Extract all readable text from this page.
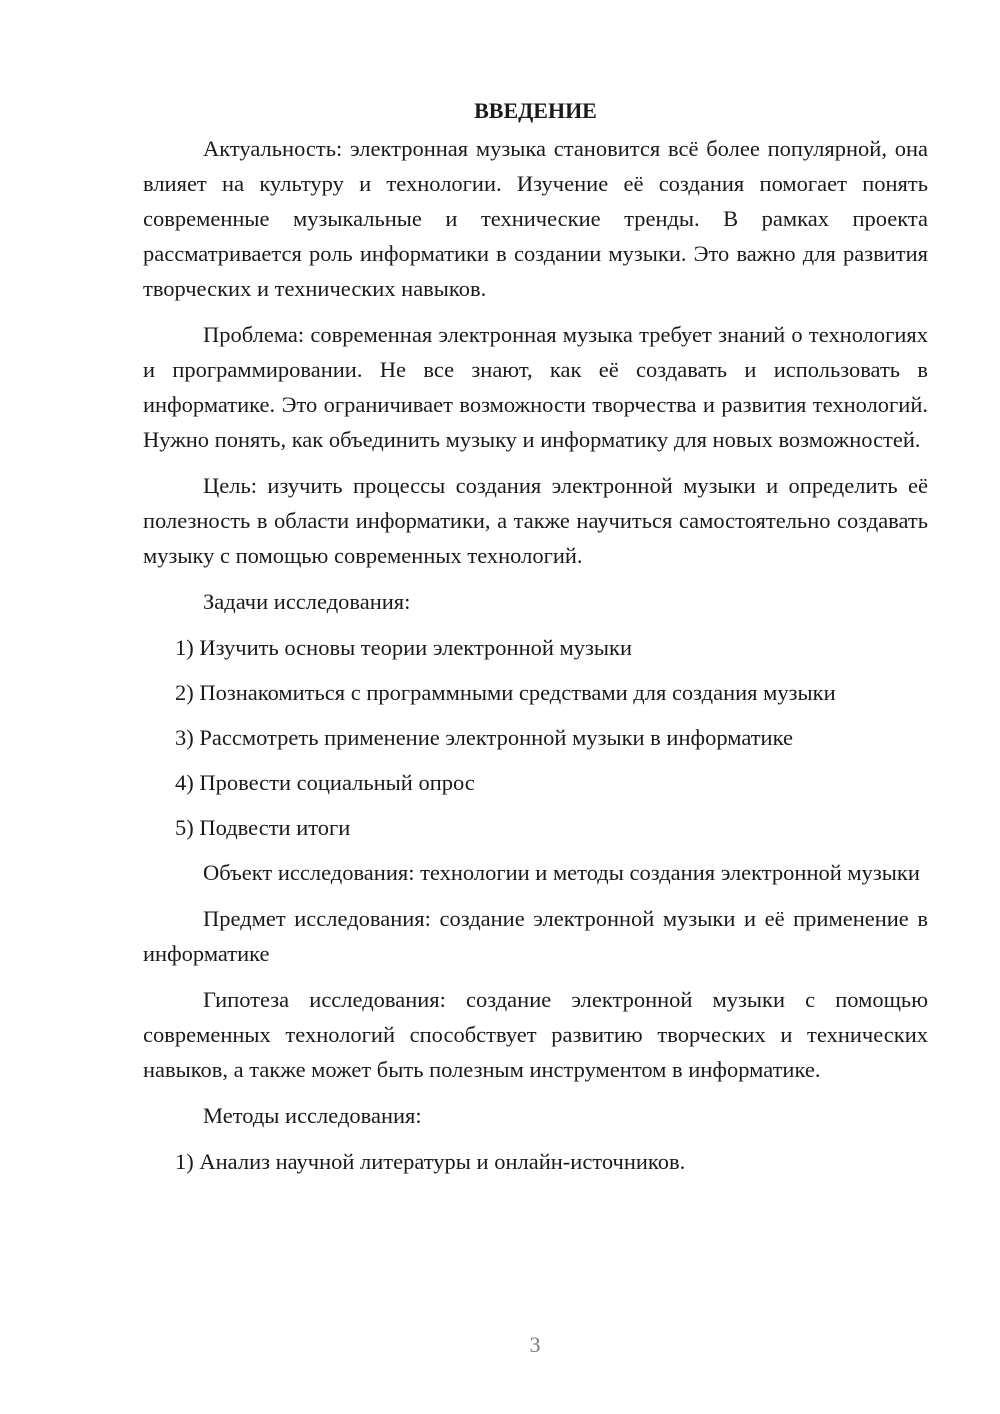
ВВЕДЕНИЕ

Актуальность: электронная музыка становится всё более популярной, она влияет на культуру и технологии. Изучение её создания помогает понять современные музыкальные и технические тренды. В рамках проекта рассматривается роль информатики в создании музыки. Это важно для развития творческих и технических навыков.

Проблема: современная электронная музыка требует знаний о технологиях и программировании. Не все знают, как её создавать и использовать в информатике. Это ограничивает возможности творчества и развития технологий. Нужно понять, как объединить музыку и информатику для новых возможностей.

Цель: изучить процессы создания электронной музыки и определить её полезность в области информатики, а также научиться самостоятельно создавать музыку с помощью современных технологий.

Задачи исследования:

1) Изучить основы теории электронной музыки

2) Познакомиться с программными средствами для создания музыки

3) Рассмотреть применение электронной музыки в информатике

4) Провести социальный опрос

5) Подвести итоги

Объект исследования: технологии и методы создания электронной музыки

Предмет исследования: создание электронной музыки и её применение в информатике

Гипотеза исследования: создание электронной музыки с помощью современных технологий способствует развитию творческих и технических навыков, а также может быть полезным инструментом в информатике.

Методы исследования:

1) Анализ научной литературы и онлайн-источников.

3
